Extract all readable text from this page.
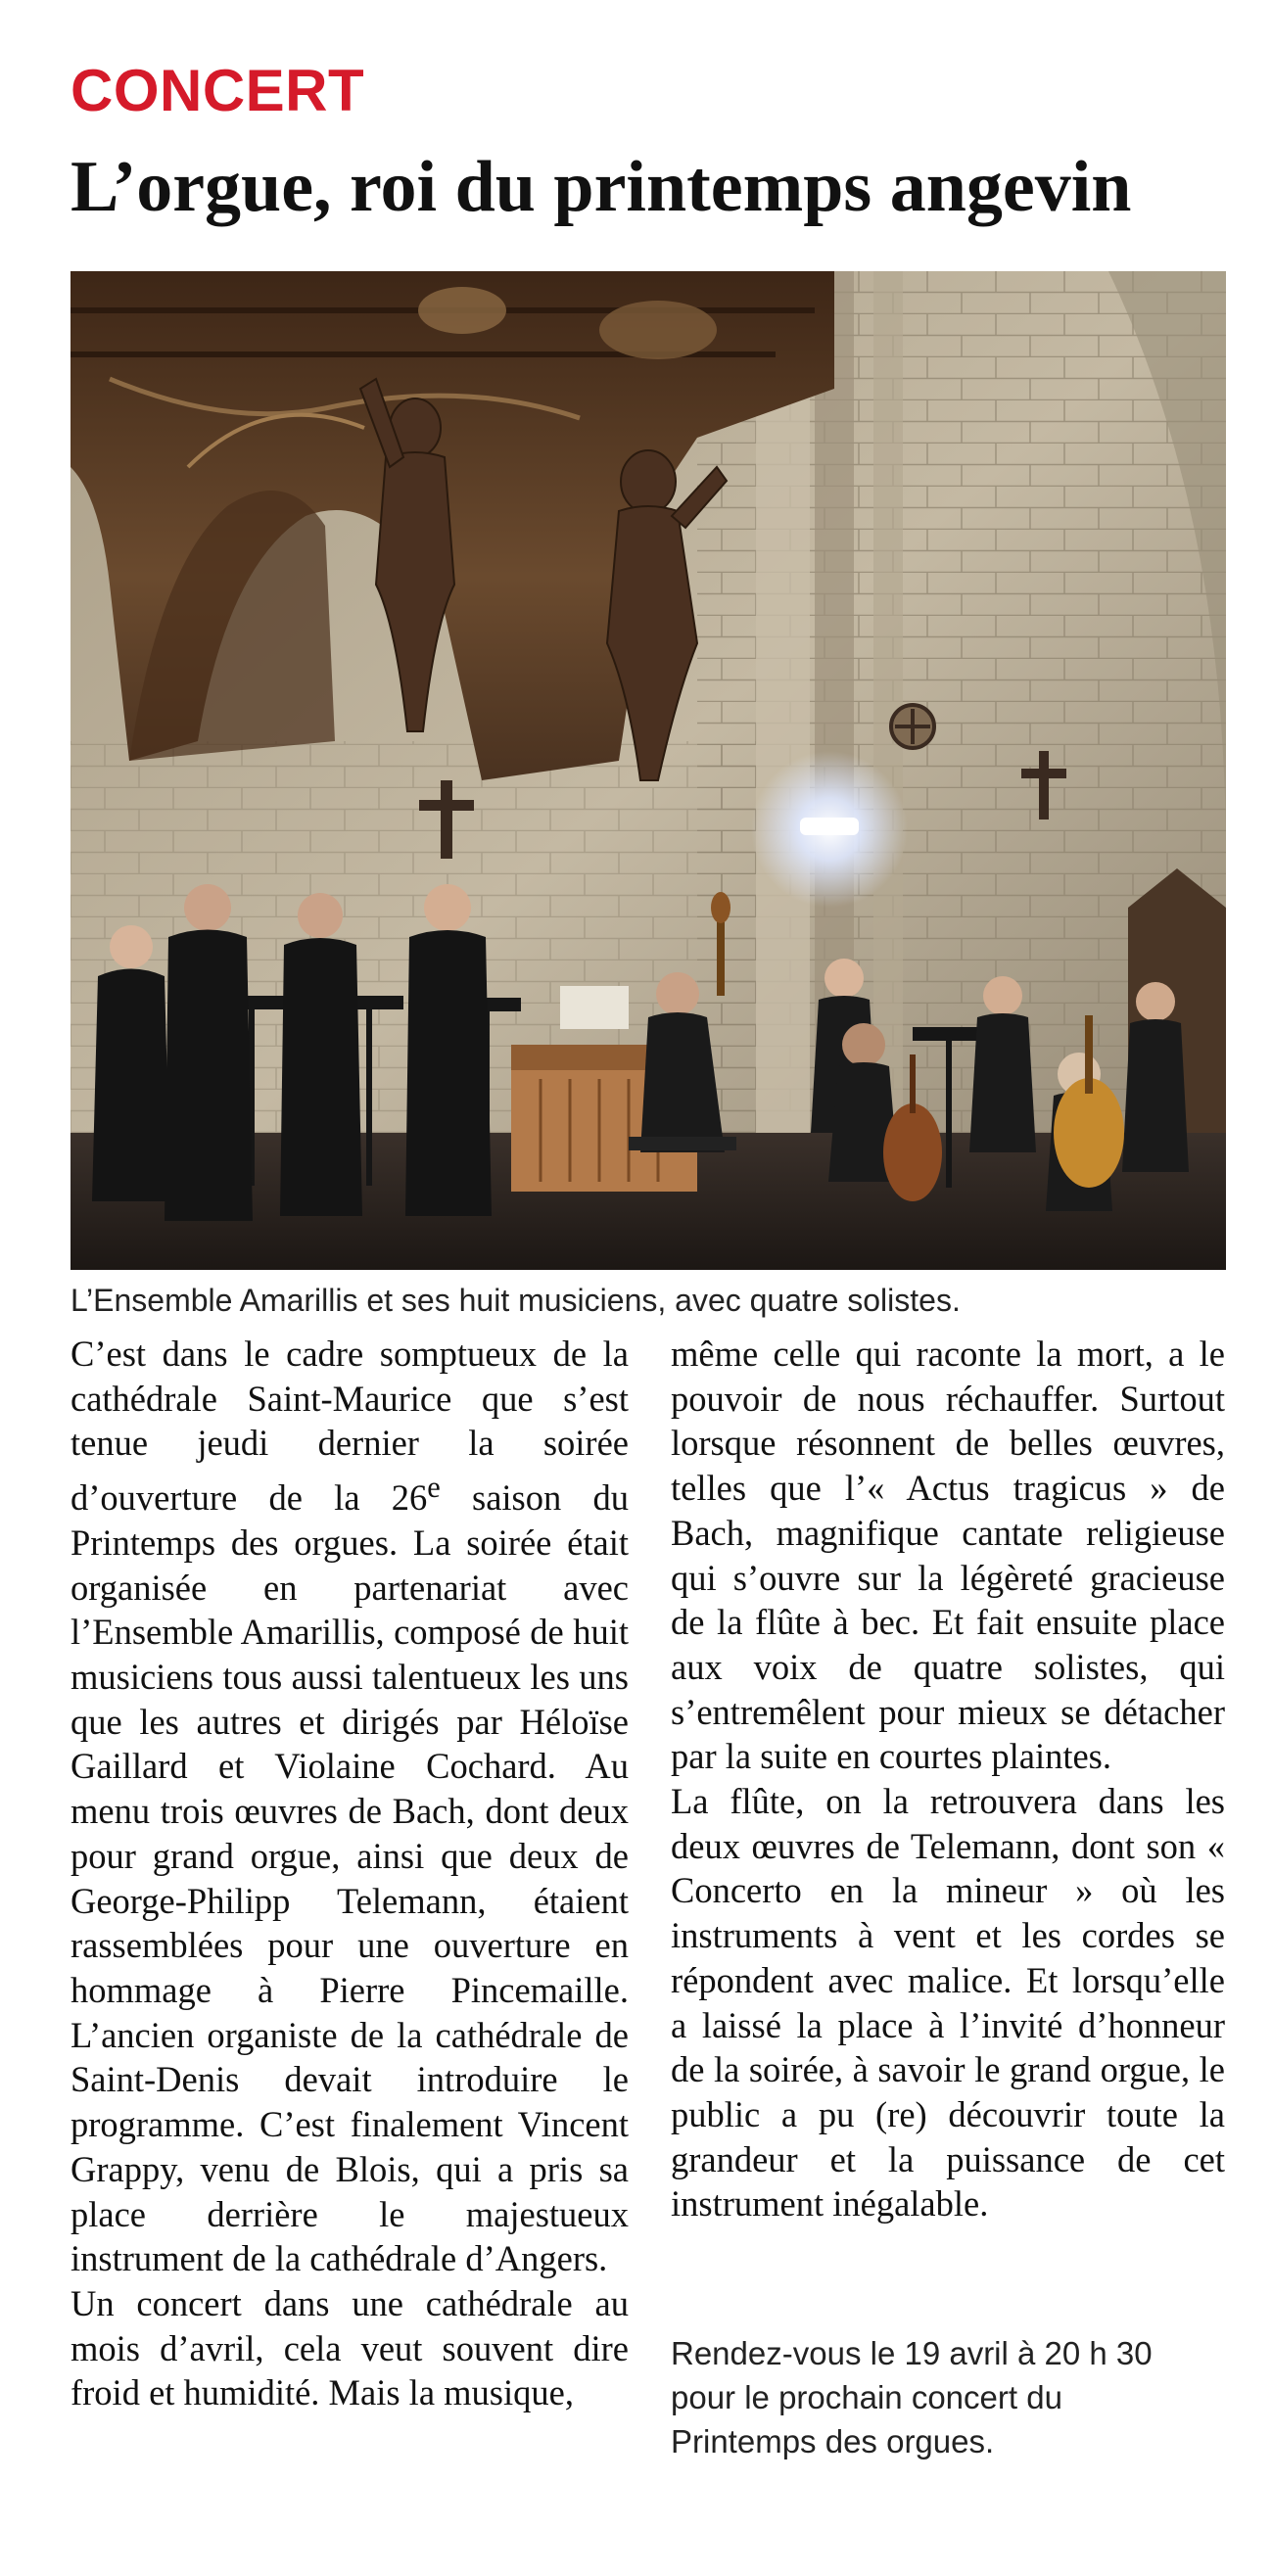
CONCERT
L’orgue, roi du printemps angevin
L’Ensemble Amarillis et ses huit musiciens, avec quatre solistes.

C’est dans le cadre somptueux de la cathédrale Saint-Maurice que s’est tenue jeudi dernier la soirée d’ouverture de la 26e saison du Printemps des orgues. La soirée était organisée en partenariat avec l’Ensemble Amarillis, composé de huit musiciens tous aussi talentueux les uns que les autres et dirigés par Héloïse Gaillard et Violaine Cochard. Au menu trois œuvres de Bach, dont deux pour grand orgue, ainsi que deux de George-Philipp Telemann, étaient rassemblées pour une ouverture en hommage à Pierre Pincemaille. L’ancien organiste de la cathédrale de Saint-Denis devait introduire le programme. C’est finalement Vincent Grappy, venu de Blois, qui a pris sa place derrière le majestueux instrument de la cathédrale d’Angers.

Un concert dans une cathédrale au mois d’avril, cela veut souvent dire froid et humidité. Mais la musique,

même celle qui raconte la mort, a le pouvoir de nous réchauffer. Surtout lorsque résonnent de belles œuvres, telles que l’« Actus tragicus » de Bach, magnifique cantate religieuse qui s’ouvre sur la légèreté gracieuse de la flûte à bec. Et fait ensuite place aux voix de quatre solistes, qui s’entremêlent pour mieux se détacher par la suite en courtes plaintes.

La flûte, on la retrouvera dans les deux œuvres de Telemann, dont son « Concerto en la mineur » où les instruments à vent et les cordes se répondent avec malice. Et lorsqu’elle a laissé la place à l’invité d’honneur de la soirée, à savoir le grand orgue, le public a pu (re) découvrir toute la grandeur et la puissance de cet instrument inégalable.

Rendez-vous le 19 avril à 20 h 30
pour le prochain concert du
Printemps des orgues.
